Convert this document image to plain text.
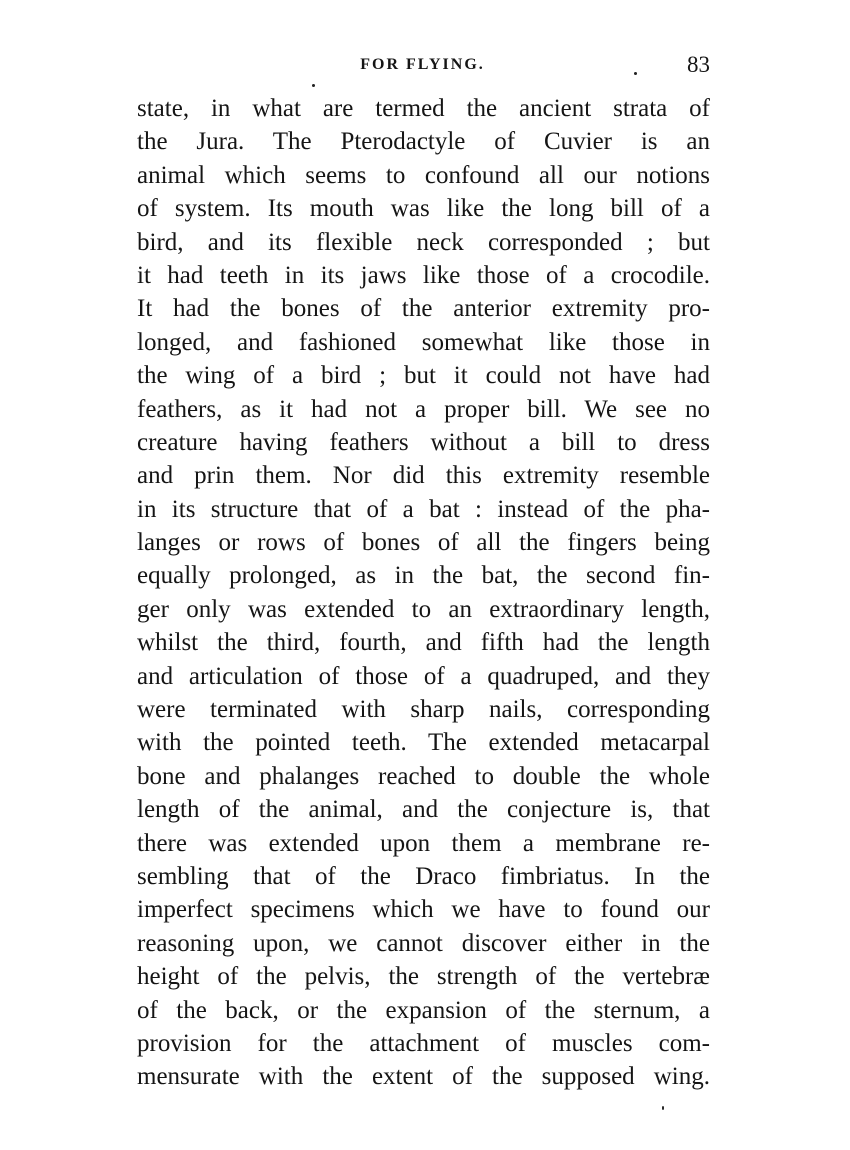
FOR FLYING.	83
state, in what are termed the ancient strata of
the Jura. The Pterodactyle of Cuvier is an
animal which seems to confound all our notions
of system. Its mouth was like the long bill of a
bird, and its flexible neck corresponded ; but
it had teeth in its jaws like those of a crocodile.
It had the bones of the anterior extremity pro-
longed, and fashioned somewhat like those in
the wing of a bird ; but it could not have had
feathers, as it had not a proper bill. We see no
creature having feathers without a bill to dress
and prin them. Nor did this extremity resemble
in its structure that of a bat : instead of the pha-
langes or rows of bones of all the fingers being
equally prolonged, as in the bat, the second fin-
ger only was extended to an extraordinary length,
whilst the third, fourth, and fifth had the length
and articulation of those of a quadruped, and they
were terminated with sharp nails, corresponding
with the pointed teeth. The extended metacarpal
bone and phalanges reached to double the whole
length of the animal, and the conjecture is, that
there was extended upon them a membrane re-
sembling that of the Draco fimbriatus. In the
imperfect specimens which we have to found our
reasoning upon, we cannot discover either in the
height of the pelvis, the strength of the vertebræ
of the back, or the expansion of the sternum, a
provision for the attachment of muscles com-
mensurate with the extent of the supposed wing.
